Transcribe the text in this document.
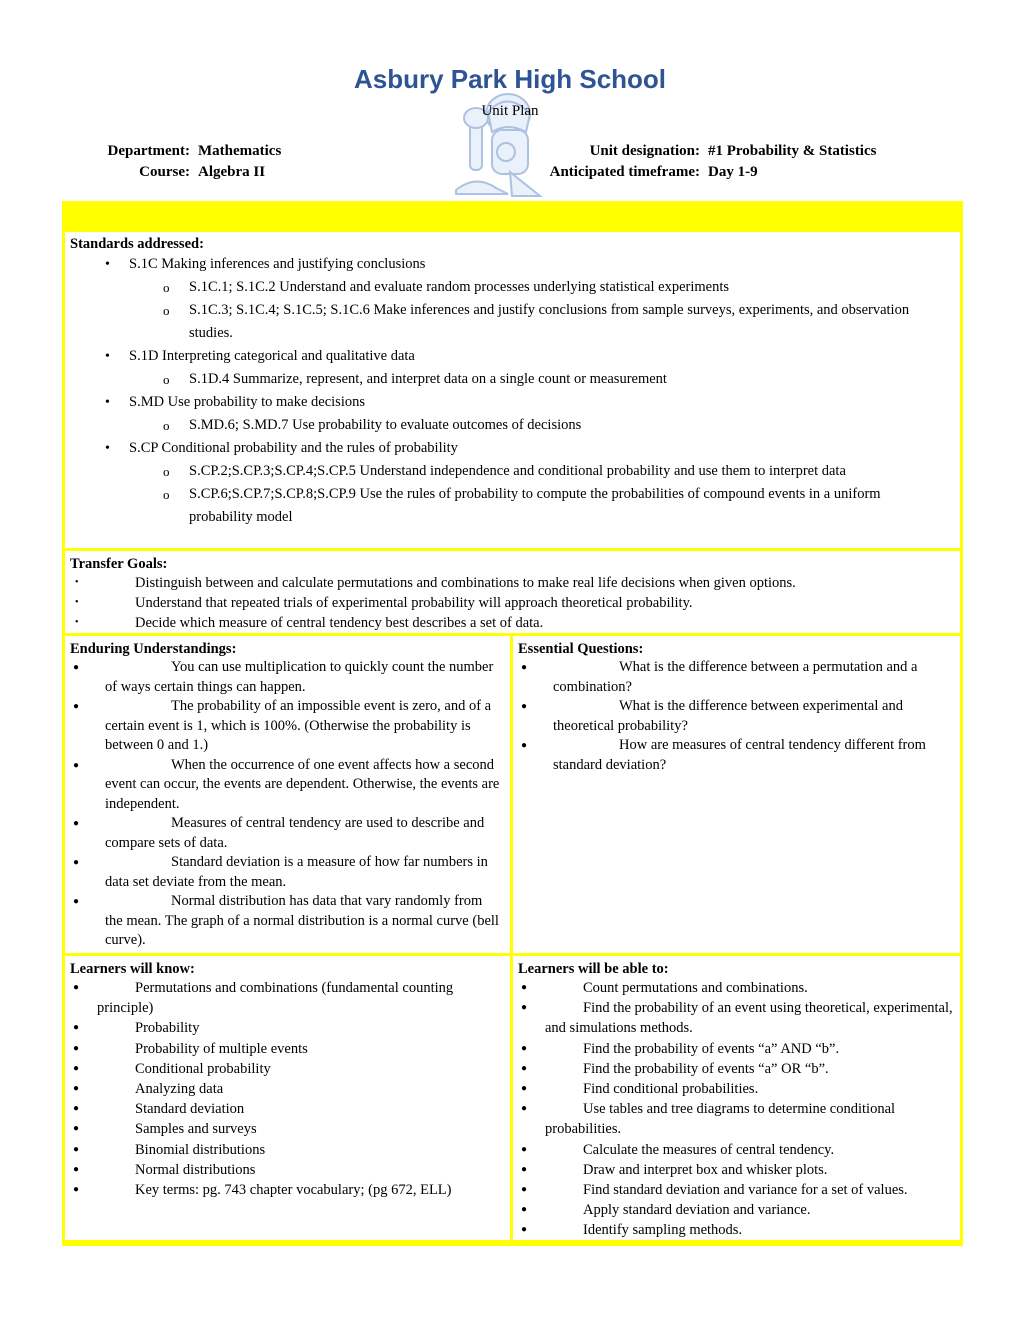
Asbury Park High School
Unit Plan
Department: Mathematics
Course: Algebra II
Unit designation: #1 Probability & Statistics
Anticipated timeframe: Day 1-9
Standards addressed:
• S.1C Making inferences and justifying conclusions
o S.1C.1; S.1C.2 Understand and evaluate random processes underlying statistical experiments
o S.1C.3; S.1C.4; S.1C.5; S.1C.6 Make inferences and justify conclusions from sample surveys, experiments, and observation studies.
• S.1D Interpreting categorical and qualitative data
o S.1D.4 Summarize, represent, and interpret data on a single count or measurement
• S.MD Use probability to make decisions
o S.MD.6; S.MD.7 Use probability to evaluate outcomes of decisions
• S.CP Conditional probability and the rules of probability
o S.CP.2;S.CP.3;S.CP.4;S.CP.5 Understand independence and conditional probability and use them to interpret data
o S.CP.6;S.CP.7;S.CP.8;S.CP.9 Use the rules of probability to compute the probabilities of compound events in a uniform probability model
Transfer Goals:
• Distinguish between and calculate permutations and combinations to make real life decisions when given options.
• Understand that repeated trials of experimental probability will approach theoretical probability.
• Decide which measure of central tendency best describes a set of data.
Enduring Understandings:
●	You can use multiplication to quickly count the number of ways certain things can happen.
●	The probability of an impossible event is zero, and of a certain event is 1, which is 100%. (Otherwise the probability is between 0 and 1.)
●	When the occurrence of one event affects how a second event can occur, the events are dependent. Otherwise, the events are independent.
●	Measures of central tendency are used to describe and compare sets of data.
●	Standard deviation is a measure of how far numbers in data set deviate from the mean.
●	Normal distribution has data that vary randomly from the mean. The graph of a normal distribution is a normal curve (bell curve).
Essential Questions:
●	What is the difference between a permutation and a combination?
●	What is the difference between experimental and theoretical probability?
●	How are measures of central tendency different from standard deviation?
Learners will know:
●	Permutations and combinations (fundamental counting principle)
●	Probability
●	Probability of multiple events
●	Conditional probability
●	Analyzing data
●	Standard deviation
●	Samples and surveys
●	Binomial distributions
●	Normal distributions
●	Key terms: pg. 743 chapter vocabulary; (pg 672, ELL)
Learners will be able to:
●	Count permutations and combinations.
●	Find the probability of an event using theoretical, experimental, and simulations methods.
●	Find the probability of events “a” AND “b”.
●	Find the probability of events “a” OR “b”.
●	Find conditional probabilities.
●	Use tables and tree diagrams to determine conditional probabilities.
●	Calculate the measures of central tendency.
●	Draw and interpret box and whisker plots.
●	Find standard deviation and variance for a set of values.
●	Apply standard deviation and variance.
●	Identify sampling methods.
